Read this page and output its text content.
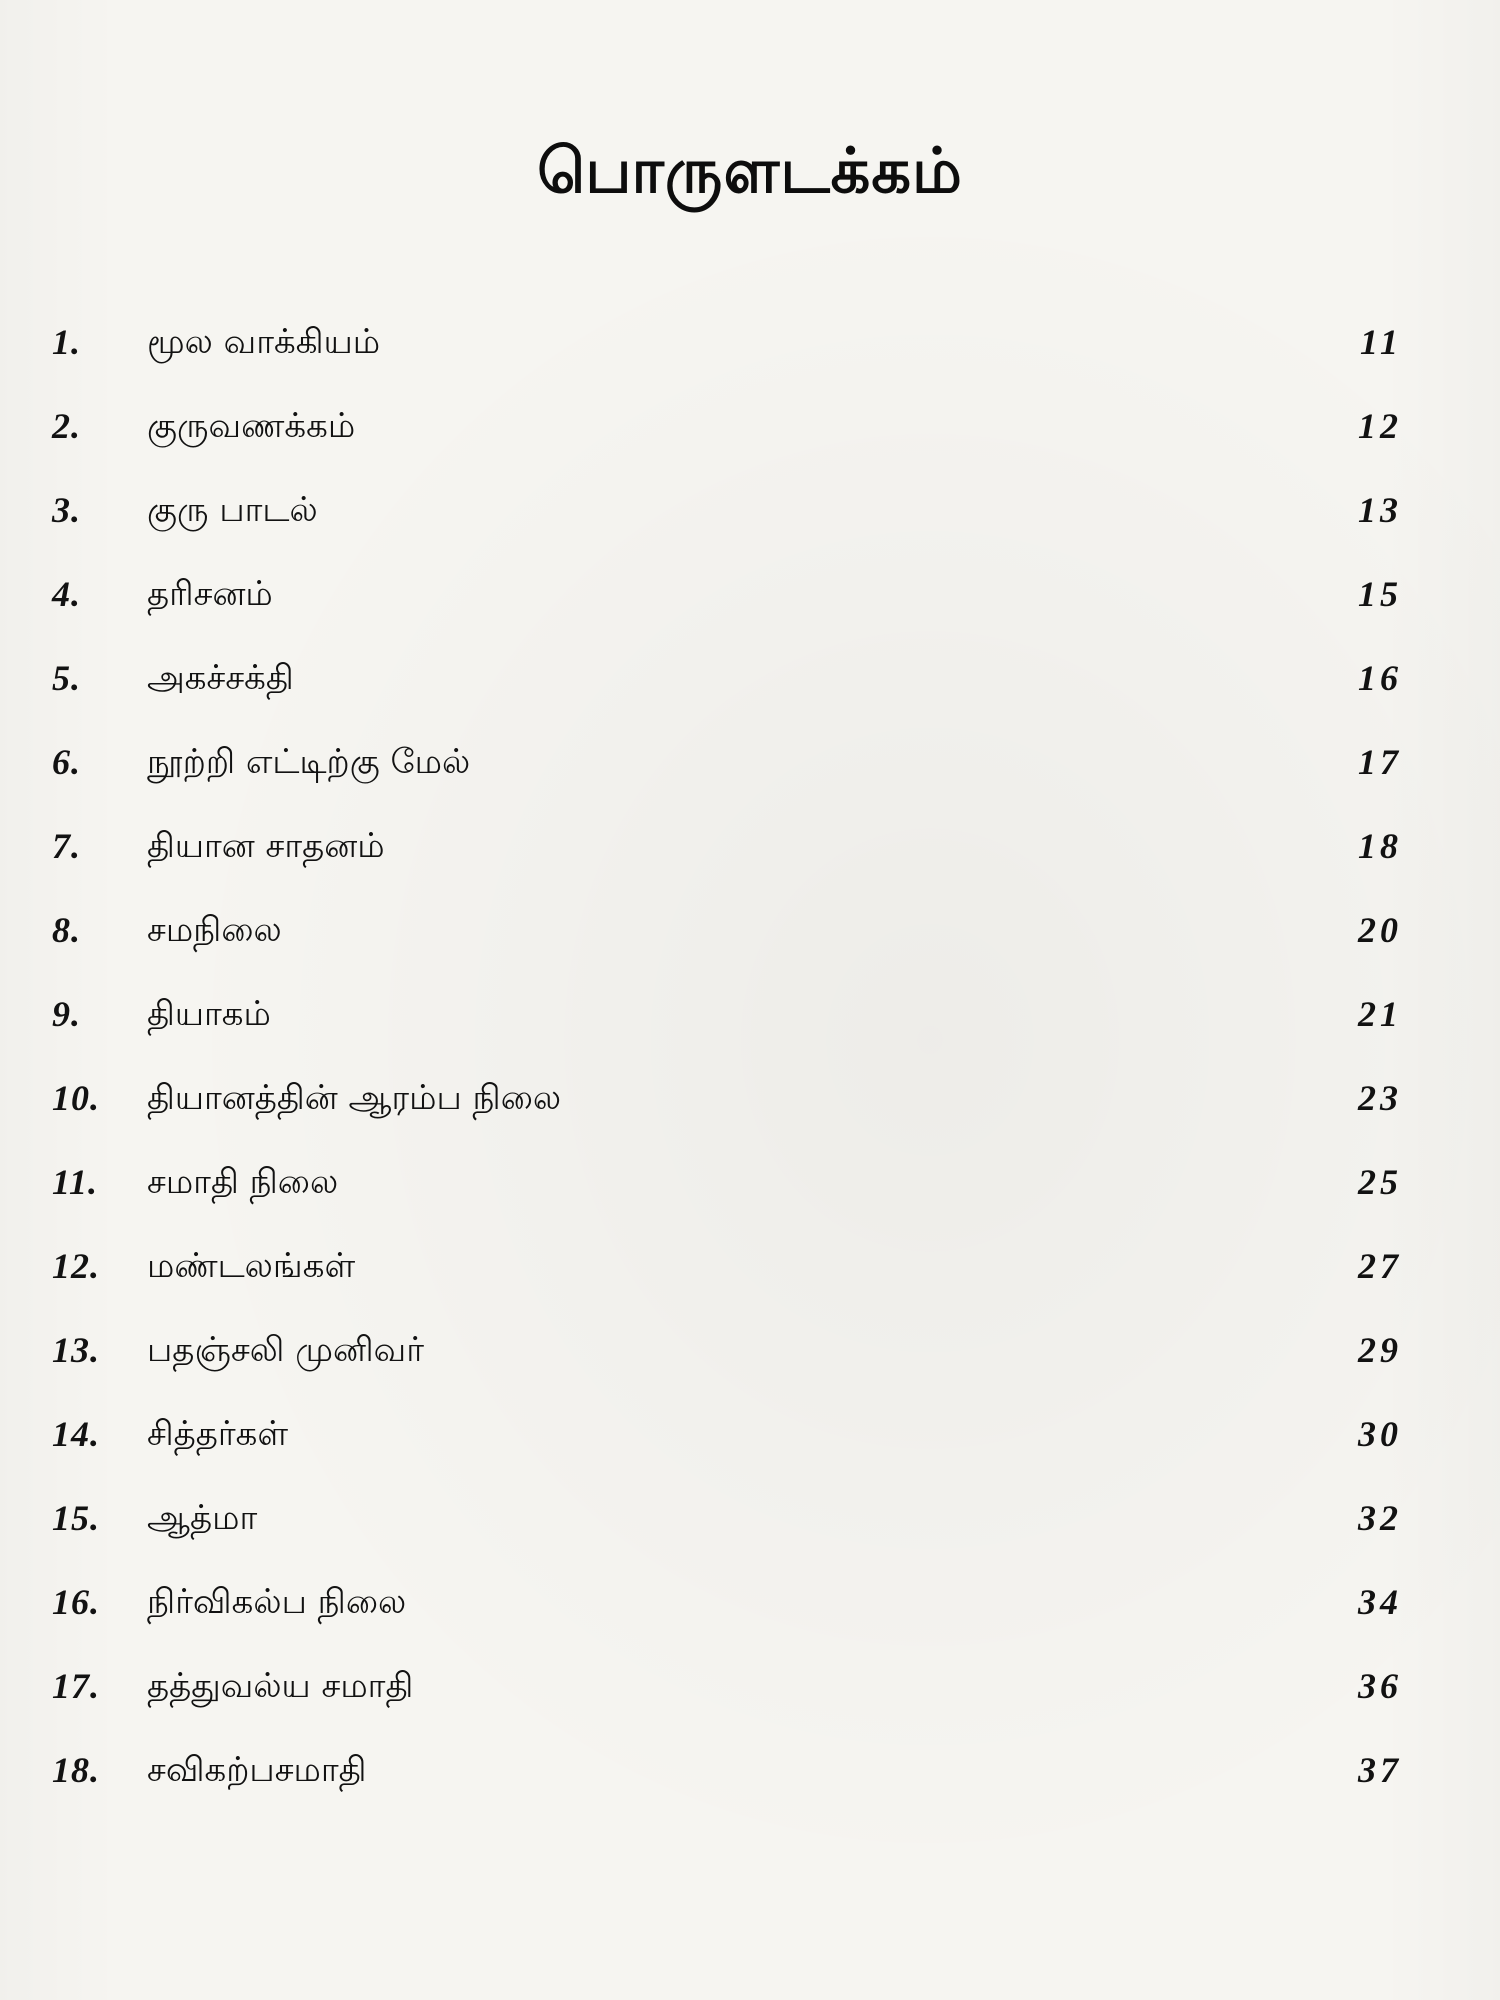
பொருளடக்கம்
1.	மூல வாக்கியம்	11
2.	குருவணக்கம்	12
3.	குரு பாடல்	13
4.	தரிசனம்	15
5.	அகச்சக்தி	16
6.	நூற்றி எட்டிற்கு மேல்	17
7.	தியான சாதனம்	18
8.	சமநிலை	20
9.	தியாகம்	21
10.	தியானத்தின் ஆரம்ப நிலை	23
11.	சமாதி நிலை	25
12.	மண்டலங்கள்	27
13.	பதஞ்சலி முனிவர்	29
14.	சித்தர்கள்	30
15.	ஆத்மா	32
16.	நிர்விகல்ப நிலை	34
17.	தத்துவல்ய சமாதி	36
18.	சவிகற்பசமாதி	37
